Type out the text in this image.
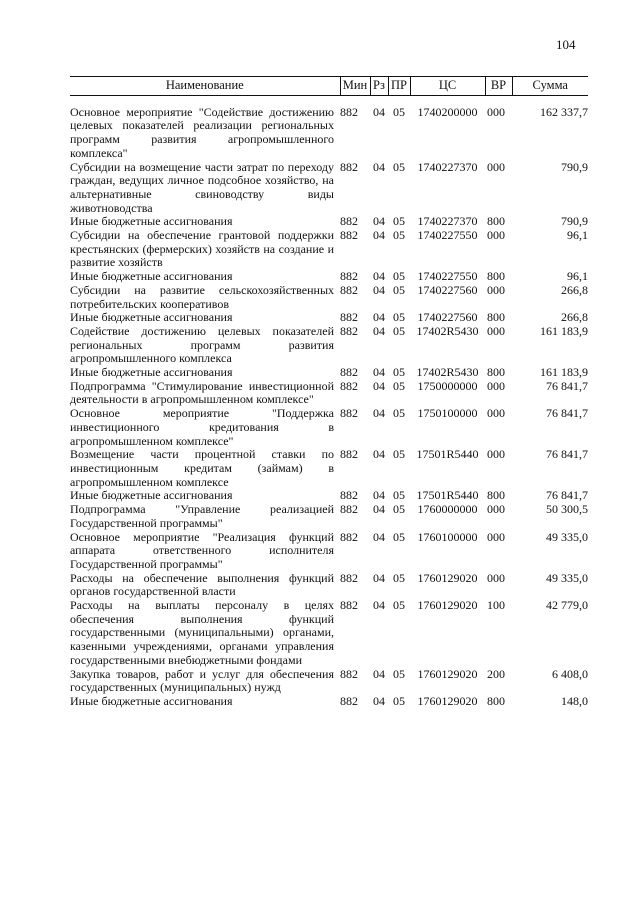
104
Наименование	Мин	Рз	ПР	ЦС	ВР	Сумма
Основное мероприятие "Содействие достижению целевых показателей реализации региональных программ развития агропромышленного комплекса"	882	04	05	1740200000	000	162 337,7
Субсидии на возмещение части затрат по переходу граждан, ведущих личное подсобное хозяйство, на альтернативные свиноводству виды животноводства	882	04	05	1740227370	000	790,9
Иные бюджетные ассигнования	882	04	05	1740227370	800	790,9
Субсидии на обеспечение грантовой поддержки крестьянских (фермерских) хозяйств на создание и развитие хозяйств	882	04	05	1740227550	000	96,1
Иные бюджетные ассигнования	882	04	05	1740227550	800	96,1
Субсидии на развитие сельскохозяйственных потребительских кооперативов	882	04	05	1740227560	000	266,8
Иные бюджетные ассигнования	882	04	05	1740227560	800	266,8
Содействие достижению целевых показателей региональных программ развития агропромышленного комплекса	882	04	05	17402R5430	000	161 183,9
Иные бюджетные ассигнования	882	04	05	17402R5430	800	161 183,9
Подпрограмма "Стимулирование инвестиционной деятельности в агропромышленном комплексе"	882	04	05	1750000000	000	76 841,7
Основное мероприятие "Поддержка инвестиционного кредитования в агропромышленном комплексе"	882	04	05	1750100000	000	76 841,7
Возмещение части процентной ставки по инвестиционным кредитам (займам) в агропромышленном комплексе	882	04	05	17501R5440	000	76 841,7
Иные бюджетные ассигнования	882	04	05	17501R5440	800	76 841,7
Подпрограмма "Управление реализацией Государственной программы"	882	04	05	1760000000	000	50 300,5
Основное мероприятие "Реализация функций аппарата ответственного исполнителя Государственной программы"	882	04	05	1760100000	000	49 335,0
Расходы на обеспечение выполнения функций органов государственной власти	882	04	05	1760129020	000	49 335,0
Расходы на выплаты персоналу в целях обеспечения выполнения функций государственными (муниципальными) органами, казенными учреждениями, органами управления государственными внебюджетными фондами	882	04	05	1760129020	100	42 779,0
Закупка товаров, работ и услуг для обеспечения государственных (муниципальных) нужд	882	04	05	1760129020	200	6 408,0
Иные бюджетные ассигнования	882	04	05	1760129020	800	148,0
